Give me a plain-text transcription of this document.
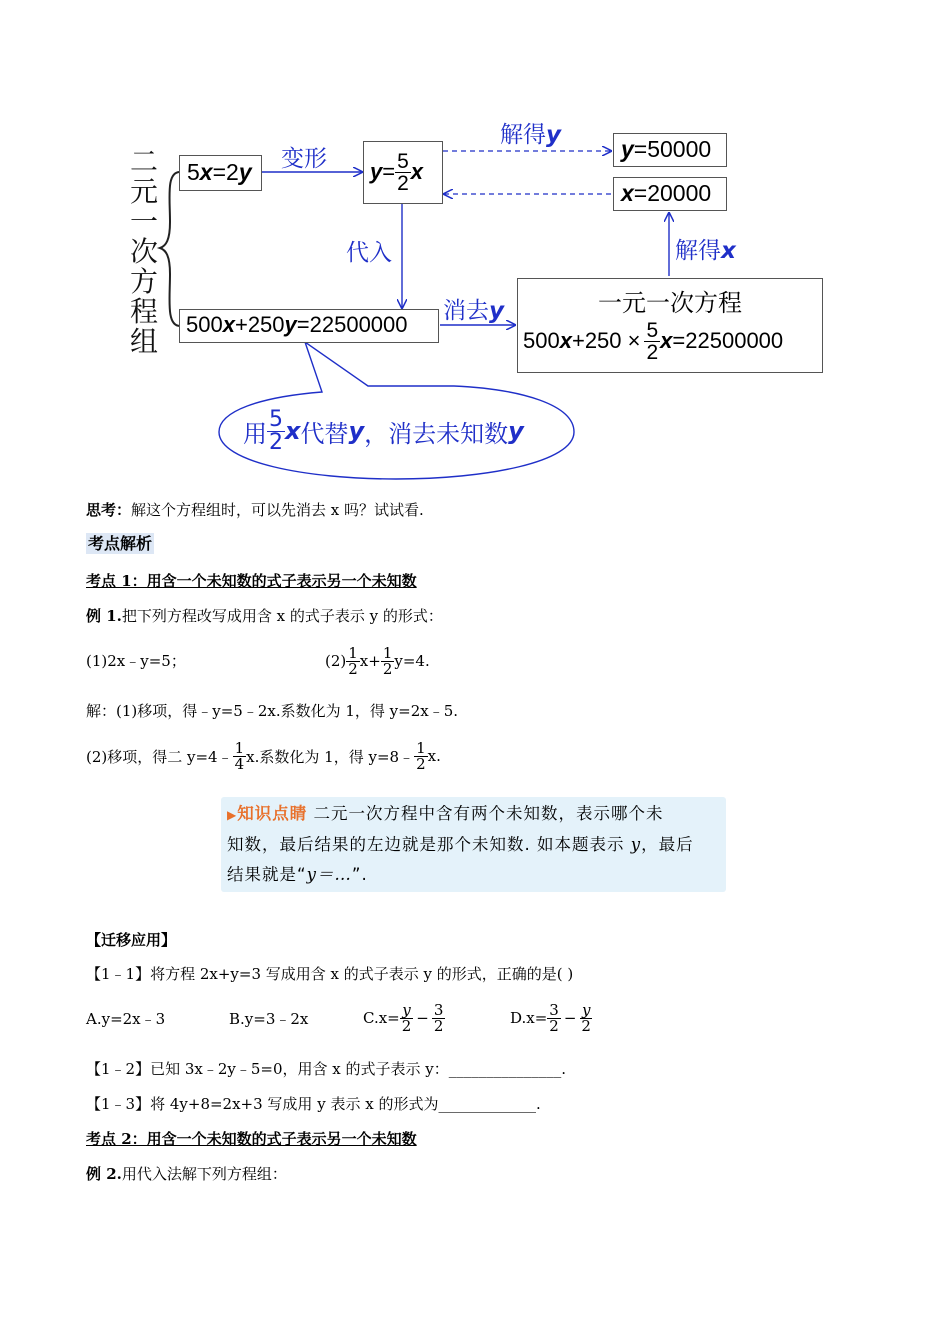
二
元
一
次
方
程
组
5x=2y 变形 $y = \frac{5}{2}$ x
解得y
y=50000
x=20000
解得x
代入
500x+250y=22500000
消去y	一元一次方程
500 $x +250 \times \frac{5}{2}$ x =22500000
用 $\frac{5}{2}$ x 代替 y ，消去未知数 y
思考：解这个方程组时，可以先消去 x 吗？试试看.
考点解析
考点 1：用含一个未知数的式子表示另一个未知数
例 1.把下列方程改写成用含 x 的式子表示 y 的形式：
(1)2x﹣y=5；	$(2) \frac{1}{2} x+ \frac{1}{2} y=4$.
解：(1)移项，得﹣y=5﹣2x.系数化为 1，得 y=2x﹣5.
(2)移项，得二 y=4﹣ $\frac{1}{4} x$.系数化为 1，得 y=8﹣ $\frac{1}{2} x$.
▶知识点睛 二元一次方程中含有两个未知数，表示哪个未
知数，最后结果的左边就是那个未知数. 如本题表示 y，最后
结果就是“y＝…”.
【迁移应用】
【1﹣1】将方程 2x+y=3 写成用含 x 的式子表示 y 的形式，正确的是( )
A.y=2x﹣3	B.y=3﹣2x	$C.x= \frac{y}{2} - \frac{3}{2}$	$D.x= \frac{3}{2} - \frac{y}{2}$
【1﹣2】已知 3x﹣2y﹣5=0，用含 x 的式子表示 y：_______________.
【1﹣3】将 4y+8=2x+3 写成用 y 表示 x 的形式为_____________.
考点 2：用含一个未知数的式子表示另一个未知数
例 2.用代入法解下列方程组：
